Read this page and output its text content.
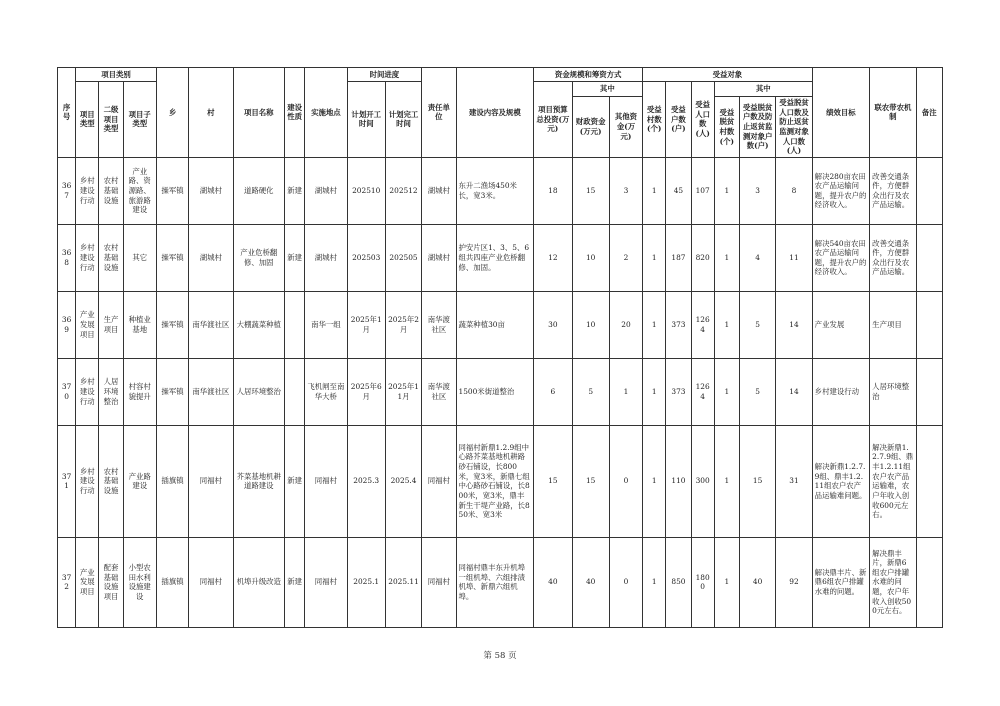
序号	项目类别			乡	村	项目名称	建设性质	实施地点	时间进度		责任单位	建设内容及规模	资金规模和筹资方式			受益对象						绩效目标	联农带农机制	备注
	项目类型	二级项目类型	项目子类型						计划开工时间	计划完工时间			项目预算总投资(万元)	其中		受益村数(个)	受益户数(户)	受益人口数(人)	其中					
														财政资金(万元)	其他资金(万元)				受益脱贫村数(个)	受益脱贫户数及防止返贫监测对象户数(户)	受益脱贫人口数及防止返贫监测对象人口数(人)			
367	乡村建设行动	农村基础设施	产业路、资源路、旅游路建设	操军镇	湖城村	道路硬化	新建	湖城村	202510	202512	湖城村	东升二渔场450米长，宽3米。	18	15	3	1	45	107	1	3	8	解决280亩农田农产品运输问题，提升农户的经济收入。	改善交通条件，方便群众出行及农产品运输。	
368	乡村建设行动	农村基础设施	其它	操军镇	湖城村	产业危桥翻修、加固	新建	湖城村	202503	202505	湖城村	护安片区1、3、5、6组共四座产业危桥翻修、加固。	12	10	2	1	187	820	1	4	11	解决540亩农田农产品运输问题，提升农户的经济收入。	改善交通条件，方便群众出行及农产品运输。	
369	产业发展项目	生产项目	种植业基地	操军镇	南华渡社区	大棚蔬菜种植		南华一组	2025年1月	2025年2月	南华渡社区	蔬菜种植30亩	30	10	20	1	373	1264	1	5	14	产业发展	生产项目	
370	乡村建设行动	人居环境整治	村容村貌提升	操军镇	南华渡社区	人居环境整治		飞机闸至南华大桥	2025年6月	2025年11月	南华渡社区	1500米街道整治	6	5	1	1	373	1264	1	5	14	乡村建设行动	人居环境整治	
371	乡村建设行动	农村基础设施	产业路建设	插旗镇	同福村	芥菜基地机耕道路建设	新建	同福村	2025.3	2025.4	同福村	同福村新鼎1.2.9组中心路芥菜基地机耕路砂石铺设，长800米，宽3米，新鼎七组中心路砂石铺设，长800米，宽3米，鼎丰新生干堤产业路，长850米、宽3米	15	15	0	1	110	300	1	15	31	解决新鼎1.2.7.9组、鼎丰1.2.11组农户农产品运输难问题。	解决新鼎1.2.7.9组、鼎丰1.2.11组农户农产品运输难，农户年收入创收600元左右。	
372	产业发展项目	配套基础设施项目	小型农田水利设施建设	插旗镇	同福村	机埠升级改造	新建	同福村	2025.1	2025.11	同福村	同福村鼎丰东升机埠一组机埠、六组排渍机埠、新鼎六组机埠。	40	40	0	1	850	1800	1	40	92	解决鼎丰片、新鼎6组农户排罐水难的问题。	解决鼎丰片，新鼎6组农户排罐水难的问题，农户年收入创收500元左右。	
第 58 页
